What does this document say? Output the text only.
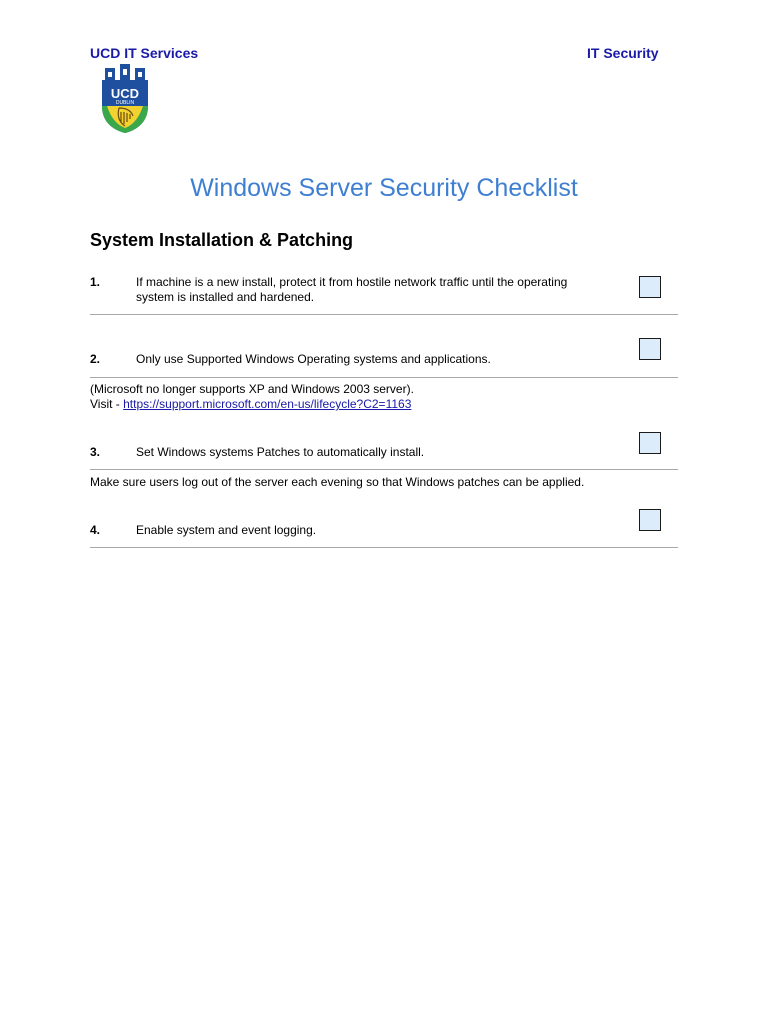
UCD IT Services	IT Security
UCD
DUBLIN
Windows Server Security Checklist
System Installation & Patching
1.	If machine is a new install, protect it from hostile network traffic until the operating system is installed and hardened.
2.	Only use Supported Windows Operating systems and applications.
(Microsoft no longer supports XP and Windows 2003 server).
Visit - https://support.microsoft.com/en-us/lifecycle?C2=1163
3.	Set Windows systems Patches to automatically install.
Make sure users log out of the server each evening so that Windows patches can be applied.
4.	Enable system and event logging.
